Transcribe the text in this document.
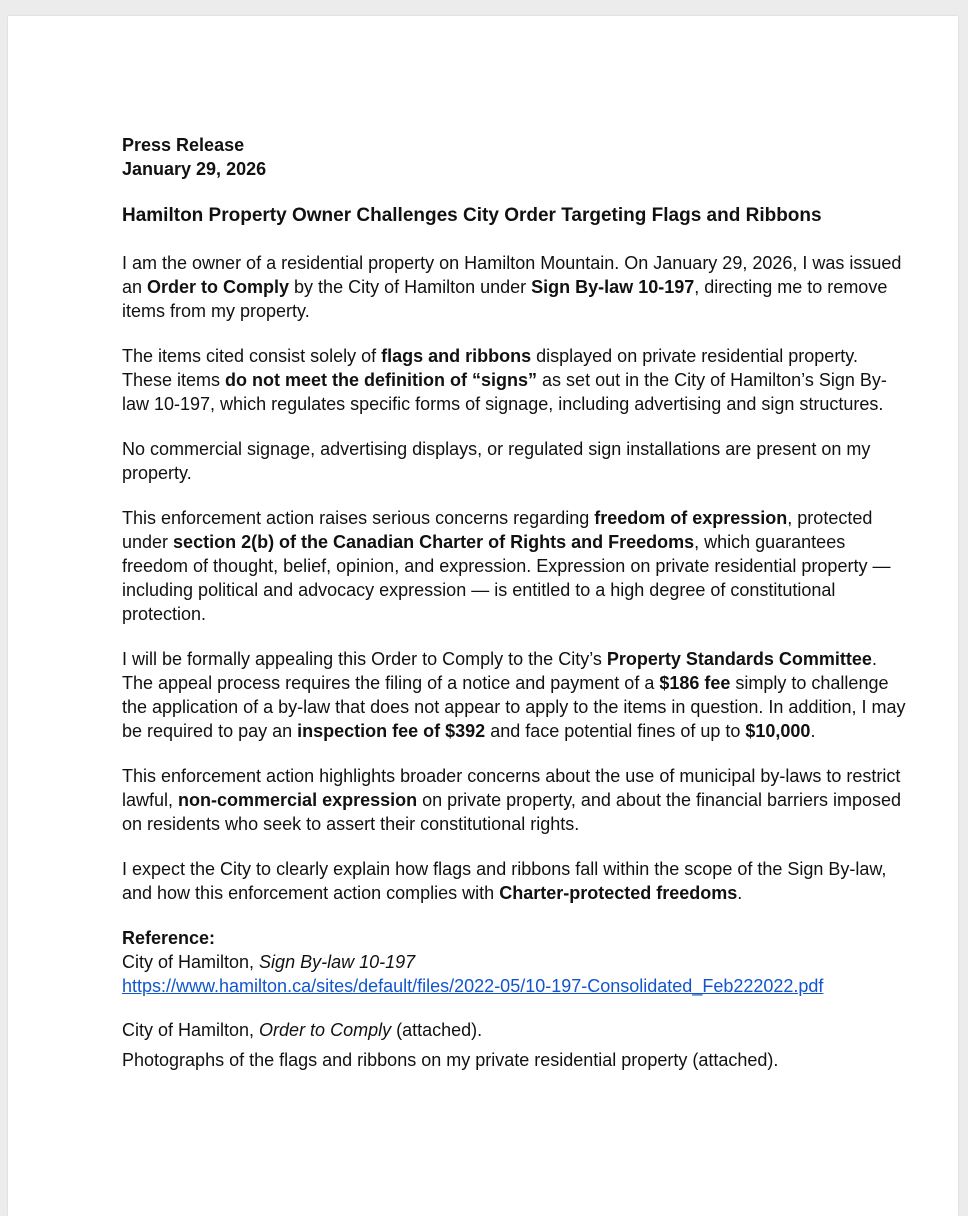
Press Release

January 29, 2026

Hamilton Property Owner Challenges City Order Targeting Flags and Ribbons

I am the owner of a residential property on Hamilton Mountain. On January 29, 2026, I was issued an Order to Comply by the City of Hamilton under Sign By-law 10-197, directing me to remove items from my property.

The items cited consist solely of flags and ribbons displayed on private residential property. These items do not meet the definition of “signs” as set out in the City of Hamilton’s Sign By-law 10-197, which regulates specific forms of signage, including advertising and sign structures.

No commercial signage, advertising displays, or regulated sign installations are present on my property.

This enforcement action raises serious concerns regarding freedom of expression, protected under section 2(b) of the Canadian Charter of Rights and Freedoms, which guarantees freedom of thought, belief, opinion, and expression. Expression on private residential property — including political and advocacy expression — is entitled to a high degree of constitutional protection.

I will be formally appealing this Order to Comply to the City’s Property Standards Committee. The appeal process requires the filing of a notice and payment of a $186 fee simply to challenge the application of a by-law that does not appear to apply to the items in question. In addition, I may be required to pay an inspection fee of $392 and face potential fines of up to $10,000.

This enforcement action highlights broader concerns about the use of municipal by-laws to restrict lawful, non-commercial expression on private property, and about the financial barriers imposed on residents who seek to assert their constitutional rights.

I expect the City to clearly explain how flags and ribbons fall within the scope of the Sign By-law, and how this enforcement action complies with Charter-protected freedoms.

Reference:

City of Hamilton, Sign By-law 10-197

https://www.hamilton.ca/sites/default/files/2022-05/10-197-Consolidated_Feb222022.pdf

City of Hamilton, Order to Comply (attached).

Photographs of the flags and ribbons on my private residential property (attached).
